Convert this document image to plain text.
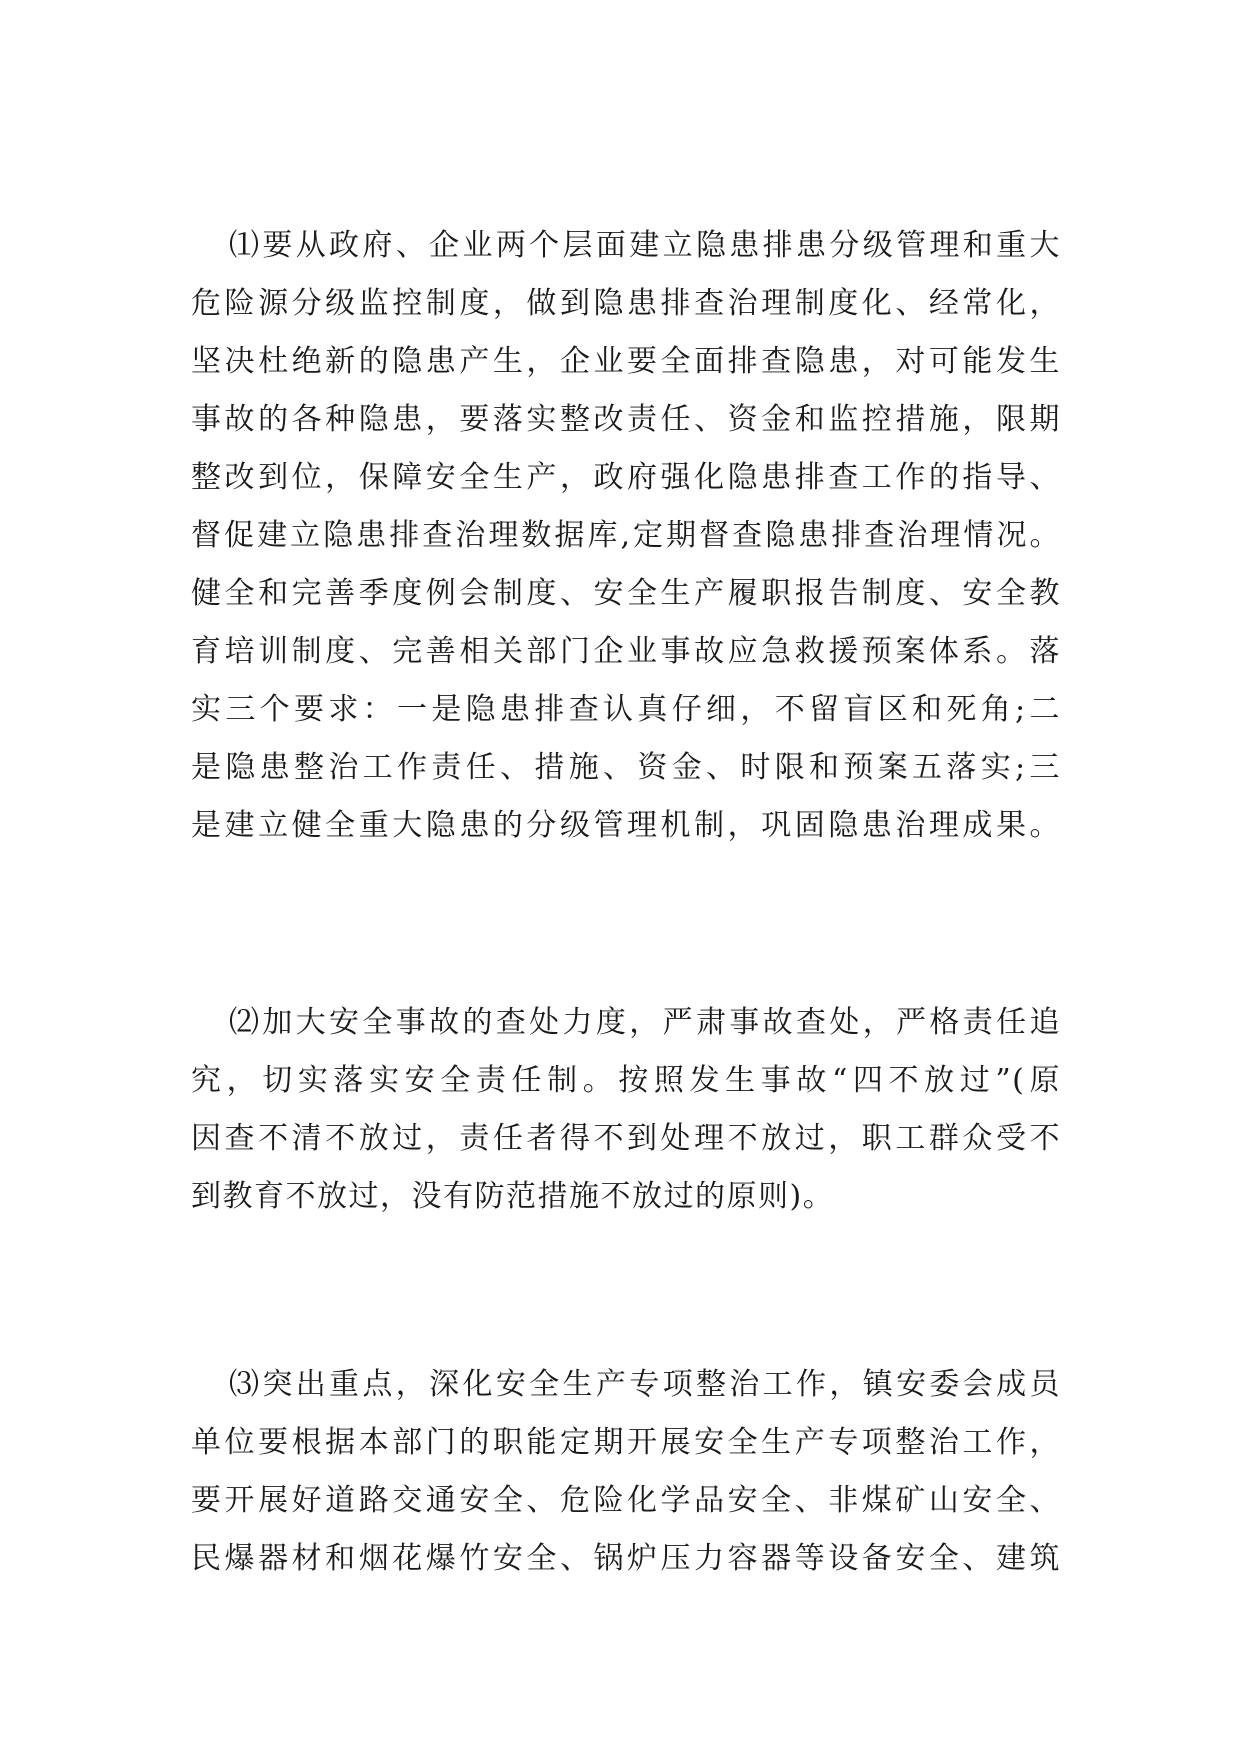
⑴要从政府、企业两个层面建立隐患排患分级管理和重大
危险源分级监控制度，做到隐患排查治理制度化、经常化，
坚决杜绝新的隐患产生，企业要全面排查隐患，对可能发生
事故的各种隐患，要落实整改责任、资金和监控措施，限期
整改到位，保障安全生产，政府强化隐患排查工作的指导、
督促建立隐患排查治理数据库,定期督查隐患排查治理情况。
健全和完善季度例会制度、安全生产履职报告制度、安全教
育培训制度、完善相关部门企业事故应急救援预案体系。落
实三个要求：一是隐患排查认真仔细，不留盲区和死角;二
是隐患整治工作责任、措施、资金、时限和预案五落实;三
是建立健全重大隐患的分级管理机制，巩固隐患治理成果。
⑵加大安全事故的查处力度，严肃事故查处，严格责任追
究，切实落实安全责任制。按照发生事故“四不放过”(原
因查不清不放过，责任者得不到处理不放过，职工群众受不
到教育不放过，没有防范措施不放过的原则)。
⑶突出重点，深化安全生产专项整治工作，镇安委会成员
单位要根据本部门的职能定期开展安全生产专项整治工作，
要开展好道路交通安全、危险化学品安全、非煤矿山安全、
民爆器材和烟花爆竹安全、锅炉压力容器等设备安全、建筑
